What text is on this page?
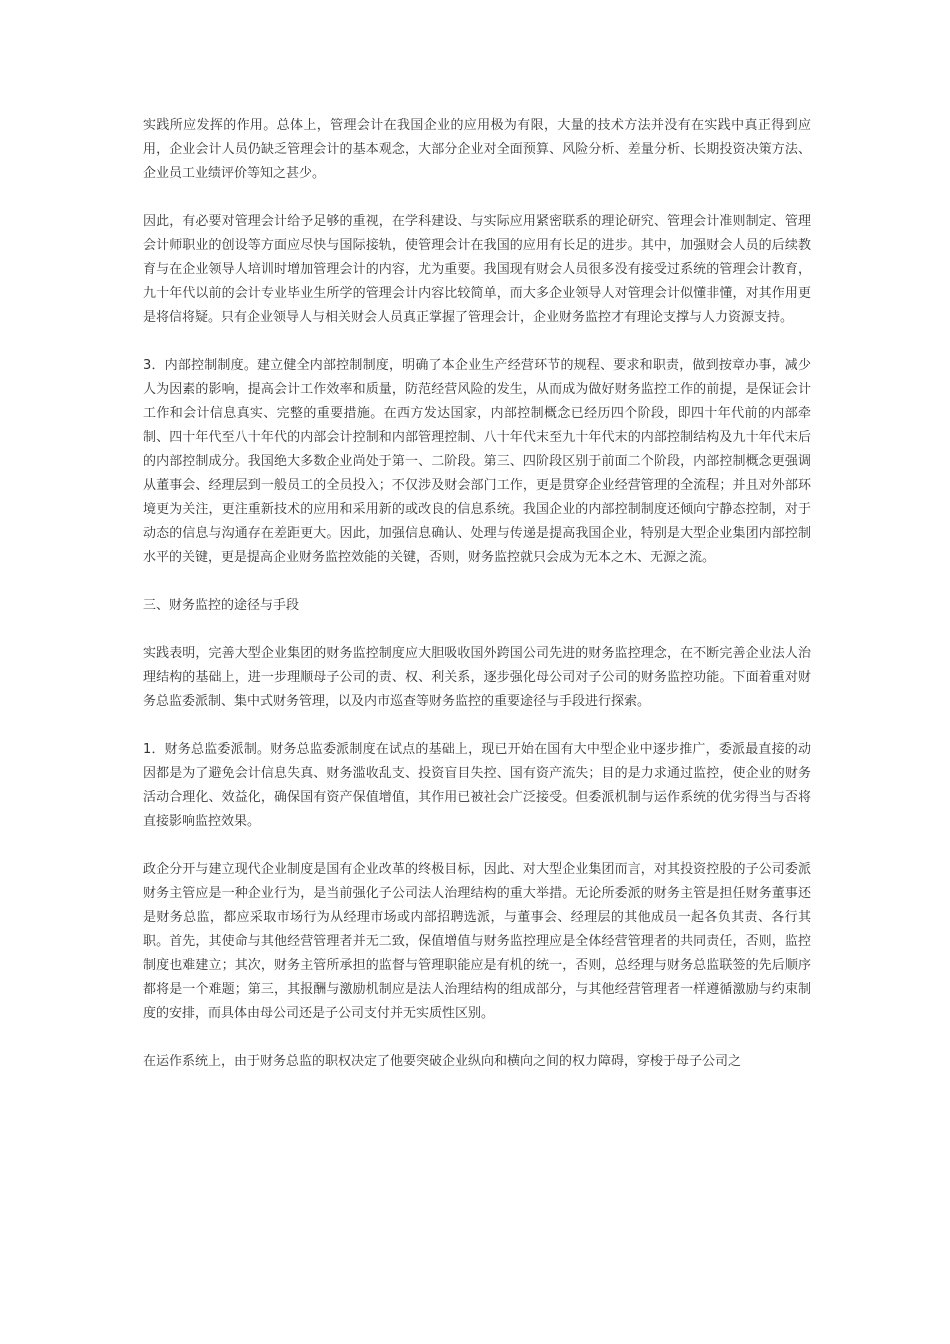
实践所应发挥的作用。总体上，管理会计在我国企业的应用极为有限，大量的技术方法并没有在实践中真正得到应用，企业会计人员仍缺乏管理会计的基本观念，大部分企业对全面预算、风险分析、差量分析、长期投资决策方法、企业员工业绩评价等知之甚少。

因此，有必要对管理会计给予足够的重视，在学科建设、与实际应用紧密联系的理论研究、管理会计准则制定、管理会计师职业的创设等方面应尽快与国际接轨，使管理会计在我国的应用有长足的进步。其中，加强财会人员的后续教育与在企业领导人培训时增加管理会计的内容，尤为重要。我国现有财会人员很多没有接受过系统的管理会计教育，九十年代以前的会计专业毕业生所学的管理会计内容比较简单，而大多企业领导人对管理会计似懂非懂，对其作用更是将信将疑。只有企业领导人与相关财会人员真正掌握了管理会计，企业财务监控才有理论支撑与人力资源支持。

3．内部控制制度。建立健全内部控制制度，明确了本企业生产经营环节的规程、要求和职责，做到按章办事，减少人为因素的影响，提高会计工作效率和质量，防范经营风险的发生，从而成为做好财务监控工作的前提，是保证会计工作和会计信息真实、完整的重要措施。在西方发达国家，内部控制概念已经历四个阶段，即四十年代前的内部牵制、四十年代至八十年代的内部会计控制和内部管理控制、八十年代末至九十年代末的内部控制结构及九十年代末后的内部控制成分。我国绝大多数企业尚处于第一、二阶段。第三、四阶段区别于前面二个阶段，内部控制概念更强调从董事会、经理层到一般员工的全员投入；不仅涉及财会部门工作，更是贯穿企业经营管理的全流程；并且对外部环境更为关注，更注重新技术的应用和采用新的或改良的信息系统。我国企业的内部控制制度还倾向宁静态控制，对于动态的信息与沟通存在差距更大。因此，加强信息确认、处理与传递是提高我国企业，特别是大型企业集团内部控制水平的关键，更是提高企业财务监控效能的关键，否则，财务监控就只会成为无本之木、无源之流。

三、财务监控的途径与手段

实践表明，完善大型企业集团的财务监控制度应大胆吸收国外跨国公司先进的财务监控理念，在不断完善企业法人治理结构的基础上，进一步理顺母子公司的责、权、利关系，逐步强化母公司对子公司的财务监控功能。下面着重对财务总监委派制、集中式财务管理，以及内市巡查等财务监控的重要途径与手段进行探索。

1．财务总监委派制。财务总监委派制度在试点的基础上，现已开始在国有大中型企业中逐步推广，委派最直接的动因都是为了避免会计信息失真、财务滥收乱支、投资盲目失控、国有资产流失；目的是力求通过监控，使企业的财务活动合理化、效益化，确保国有资产保值增值，其作用已被社会广泛接受。但委派机制与运作系统的优劣得当与否将直接影响监控效果。

政企分开与建立现代企业制度是国有企业改革的终极目标，因此、对大型企业集团而言，对其投资控股的子公司委派财务主管应是一种企业行为，是当前强化子公司法人治理结构的重大举措。无论所委派的财务主管是担任财务董事还是财务总监，都应采取市场行为从经理市场或内部招聘选派，与董事会、经理层的其他成员一起各负其责、各行其职。首先，其使命与其他经营管理者并无二致，保值增值与财务监控理应是全体经营管理者的共同责任，否则，监控制度也难建立；其次，财务主管所承担的监督与管理职能应是有机的统一，否则，总经理与财务总监联签的先后顺序都将是一个难题；第三，其报酬与激励机制应是法人治理结构的组成部分，与其他经营管理者一样遵循激励与约束制度的安排，而具体由母公司还是子公司支付并无实质性区别。

在运作系统上，由于财务总监的职权决定了他要突破企业纵向和横向之间的权力障碍，穿梭于母子公司之
